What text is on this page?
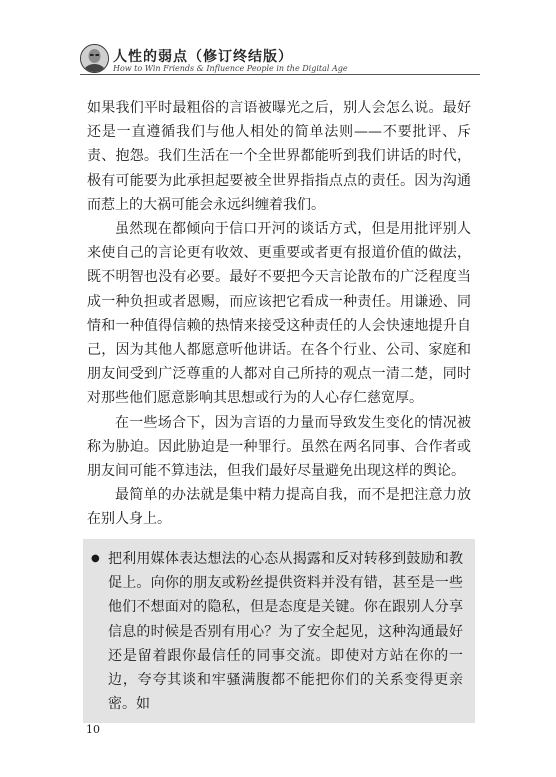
人性的弱点（修订终结版）
How to Win Friends & Influence People in the Digital Age

如果我们平时最粗俗的言语被曝光之后，别人会怎么说。最好还是一直遵循我们与他人相处的简单法则——不要批评、斥责、抱怨。我们生活在一个全世界都能听到我们讲话的时代，极有可能要为此承担起要被全世界指指点点的责任。因为沟通而惹上的大祸可能会永远纠缠着我们。

虽然现在都倾向于信口开河的谈话方式，但是用批评别人来使自己的言论更有收效、更重要或者更有报道价值的做法，既不明智也没有必要。最好不要把今天言论散布的广泛程度当成一种负担或者恩赐，而应该把它看成一种责任。用谦逊、同情和一种值得信赖的热情来接受这种责任的人会快速地提升自己，因为其他人都愿意听他讲话。在各个行业、公司、家庭和朋友间受到广泛尊重的人都对自己所持的观点一清二楚，同时对那些他们愿意影响其思想或行为的人心存仁慈宽厚。

在一些场合下，因为言语的力量而导致发生变化的情况被称为胁迫。因此胁迫是一种罪行。虽然在两名同事、合作者或朋友间可能不算违法，但我们最好尽量避免出现这样的舆论。

最简单的办法就是集中精力提高自我，而不是把注意力放在别人身上。

● 把利用媒体表达想法的心态从揭露和反对转移到鼓励和教促上。向你的朋友或粉丝提供资料并没有错，甚至是一些他们不想面对的隐私，但是态度是关键。你在跟别人分享信息的时候是否别有用心？为了安全起见，这种沟通最好还是留着跟你最信任的同事交流。即使对方站在你的一边，夸夸其谈和牢骚满腹都不能把你们的关系变得更亲密。如
10
